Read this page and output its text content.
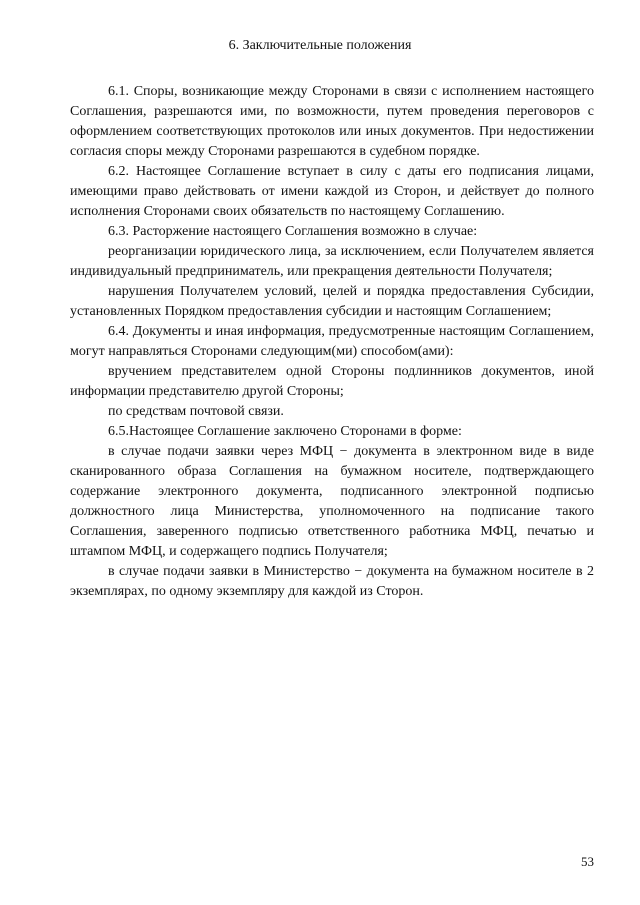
6. Заключительные положения

6.1. Споры, возникающие между Сторонами в связи с исполнением настоящего Соглашения, разрешаются ими, по возможности, путем проведения переговоров с оформлением соответствующих протоколов или иных документов. При недостижении согласия споры между Сторонами разрешаются в судебном порядке.

6.2. Настоящее Соглашение вступает в силу с даты его подписания лицами, имеющими право действовать от имени каждой из Сторон, и действует до полного исполнения Сторонами своих обязательств по настоящему Соглашению.

6.3. Расторжение настоящего Соглашения возможно в случае:

реорганизации юридического лица, за исключением, если Получателем является индивидуальный предприниматель, или прекращения деятельности Получателя;

нарушения Получателем условий, целей и порядка предоставления Субсидии, установленных Порядком предоставления субсидии и настоящим Соглашением;

6.4. Документы и иная информация, предусмотренные настоящим Соглашением, могут направляться Сторонами следующим(ми) способом(ами):

вручением представителем одной Стороны подлинников документов, иной информации представителю другой Стороны;

по средствам почтовой связи.

6.5.Настоящее Соглашение заключено Сторонами в форме:

в случае подачи заявки через МФЦ − документа в электронном виде в виде сканированного образа Соглашения на бумажном носителе, подтверждающего содержание электронного документа, подписанного электронной подписью должностного лица Министерства, уполномоченного на подписание такого Соглашения, заверенного подписью ответственного работника МФЦ, печатью и штампом МФЦ, и содержащего подпись Получателя;

в случае подачи заявки в Министерство − документа на бумажном носителе в 2 экземплярах, по одному экземпляру для каждой из Сторон.

53
